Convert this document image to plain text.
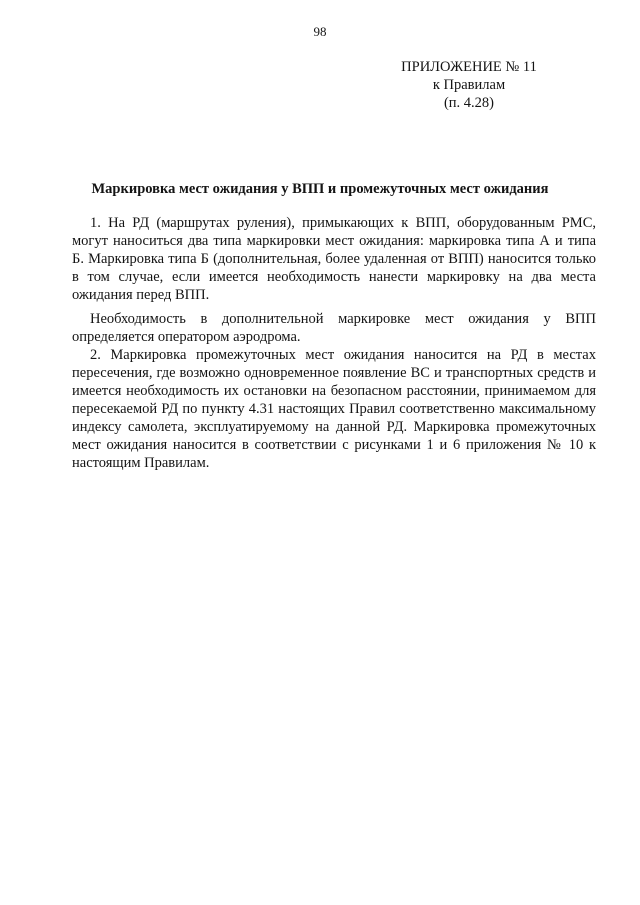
98
ПРИЛОЖЕНИЕ № 11
к Правилам
(п. 4.28)
Маркировка мест ожидания у ВПП и промежуточных мест ожидания

1. На РД (маршрутах руления), примыкающих к ВПП, оборудованным РМС, могут наноситься два типа маркировки мест ожидания: маркировка типа А и типа Б. Маркировка типа Б (дополнительная, более удаленная от ВПП) наносится только в том случае, если имеется необходимость нанести маркировку на два места ожидания перед ВПП.

Необходимость в дополнительной маркировке мест ожидания у ВПП определяется оператором аэродрома.

2. Маркировка промежуточных мест ожидания наносится на РД в местах пересечения, где возможно одновременное появление ВС и транспортных средств и имеется необходимость их остановки на безопасном расстоянии, принимаемом для пересекаемой РД по пункту 4.31 настоящих Правил соответственно максимальному индексу самолета, эксплуатируемому на данной РД. Маркировка промежуточных мест ожидания наносится в соответствии с рисунками 1 и 6 приложения № 10 к настоящим Правилам.
